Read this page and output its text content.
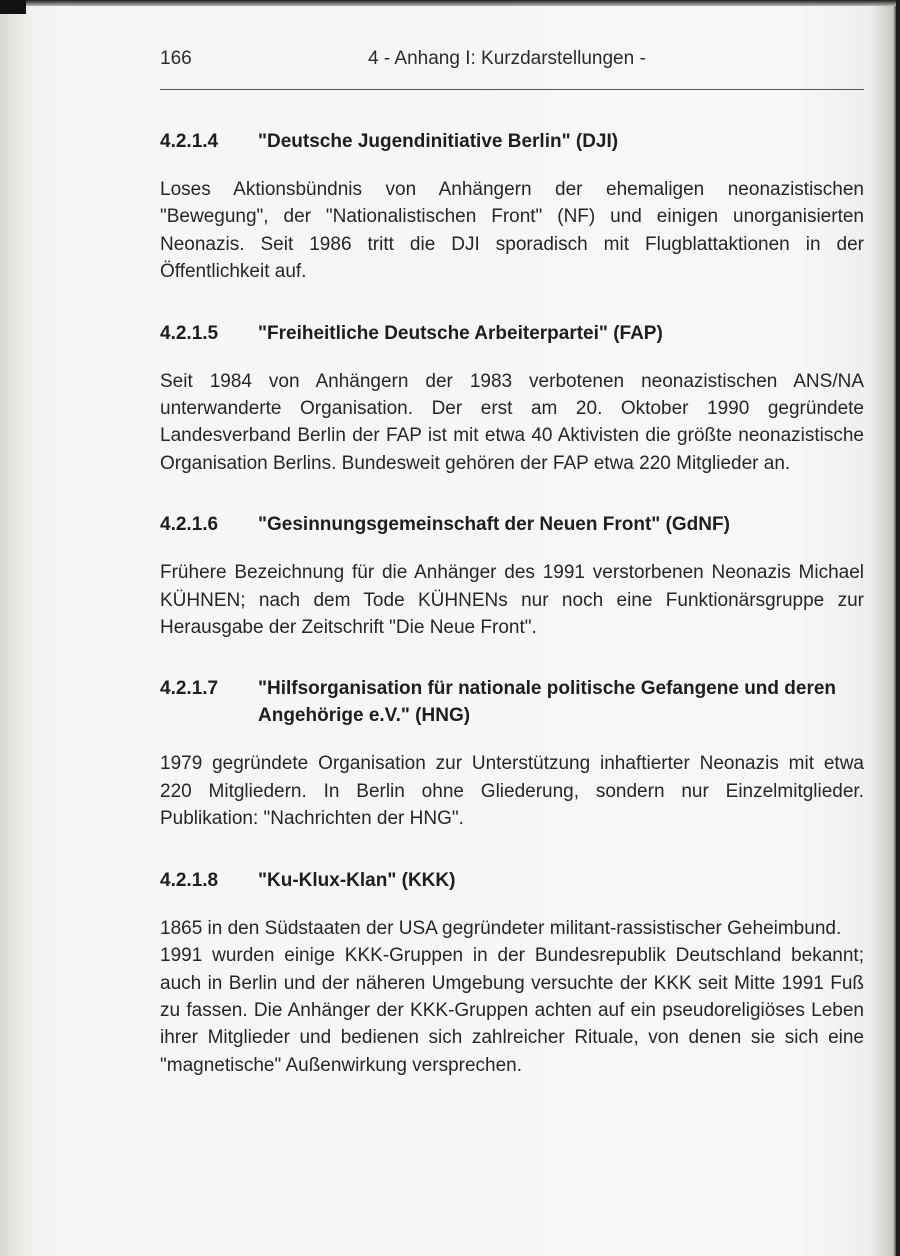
166	4 - Anhang I: Kurzdarstellungen -
4.2.1.4	"Deutsche Jugendinitiative Berlin" (DJI)

Loses Aktionsbündnis von Anhängern der ehemaligen neonazistischen "Bewegung", der "Nationalistischen Front" (NF) und einigen unorganisierten Neonazis. Seit 1986 tritt die DJI sporadisch mit Flugblattaktionen in der Öffentlichkeit auf.

4.2.1.5	"Freiheitliche Deutsche Arbeiterpartei" (FAP)

Seit 1984 von Anhängern der 1983 verbotenen neonazistischen ANS/NA unterwanderte Organisation. Der erst am 20. Oktober 1990 gegründete Landesverband Berlin der FAP ist mit etwa 40 Aktivisten die größte neonazistische Organisation Berlins. Bundesweit gehören der FAP etwa 220 Mitglieder an.

4.2.1.6	"Gesinnungsgemeinschaft der Neuen Front" (GdNF)

Frühere Bezeichnung für die Anhänger des 1991 verstorbenen Neonazis Michael KÜHNEN; nach dem Tode KÜHNENs nur noch eine Funktionärsgruppe zur Herausgabe der Zeitschrift "Die Neue Front".

4.2.1.7	"Hilfsorganisation für nationale politische Gefangene und deren Angehörige e.V." (HNG)

1979 gegründete Organisation zur Unterstützung inhaftierter Neonazis mit etwa 220 Mitgliedern. In Berlin ohne Gliederung, sondern nur Einzelmitglieder. Publikation: "Nachrichten der HNG".

4.2.1.8	"Ku-Klux-Klan" (KKK)

1865 in den Südstaaten der USA gegründeter militant-rassistischer Geheimbund.

1991 wurden einige KKK-Gruppen in der Bundesrepublik Deutschland bekannt; auch in Berlin und der näheren Umgebung versuchte der KKK seit Mitte 1991 Fuß zu fassen. Die Anhänger der KKK-Gruppen achten auf ein pseudoreligiöses Leben ihrer Mitglieder und bedienen sich zahlreicher Rituale, von denen sie sich eine "magnetische" Außenwirkung versprechen.
